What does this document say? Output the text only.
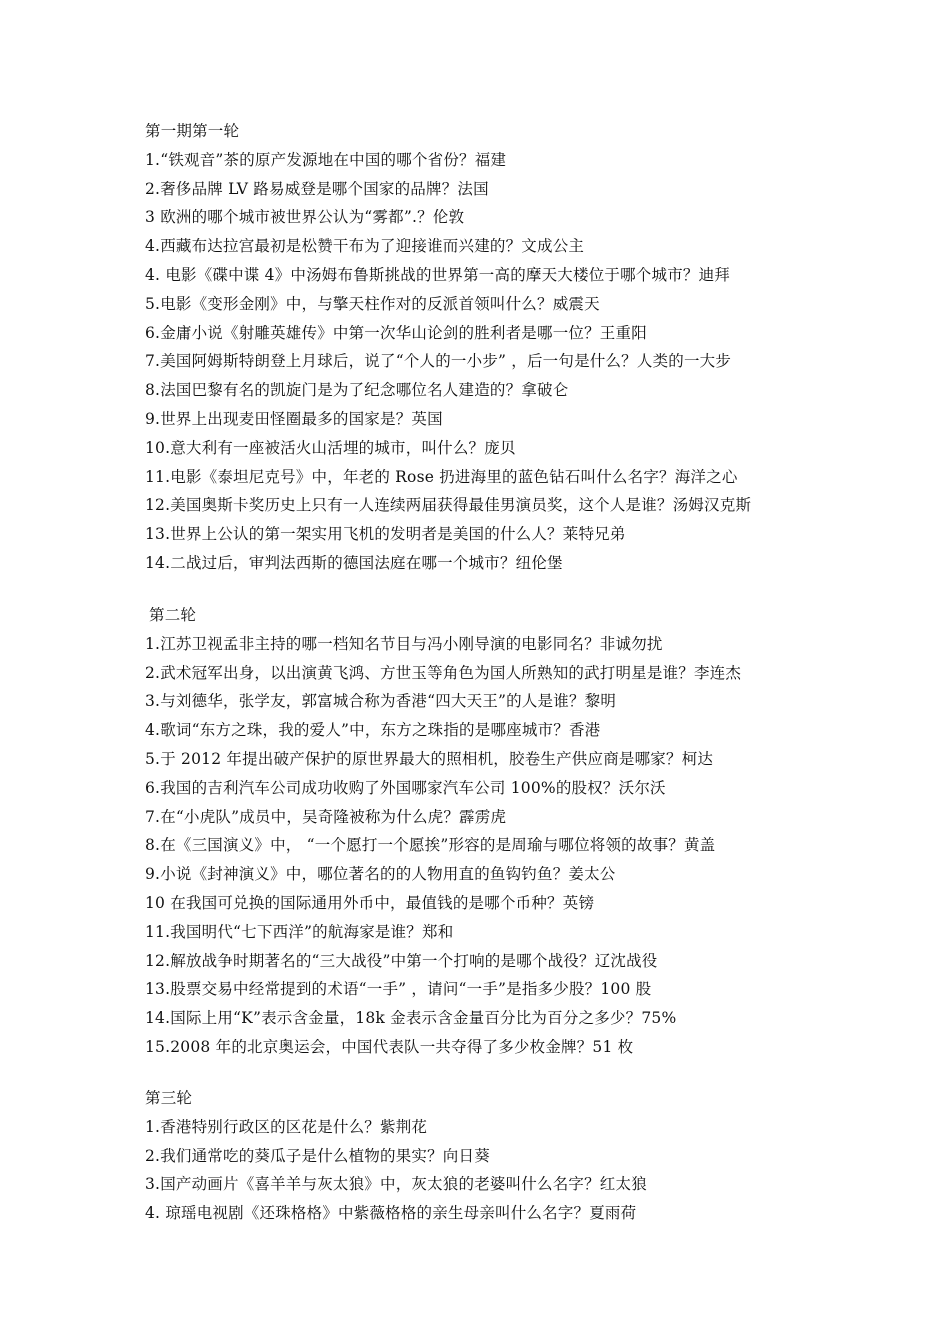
第一期第一轮
1.“铁观音”茶的原产发源地在中国的哪个省份？福建
2.奢侈品牌 LV 路易威登是哪个国家的品牌？法国
3 欧洲的哪个城市被世界公认为“雾都”.？伦敦
4.西藏布达拉宫最初是松赞干布为了迎接谁而兴建的？文成公主
4. 电影《碟中谍 4》中汤姆布鲁斯挑战的世界第一高的摩天大楼位于哪个城市？迪拜
5.电影《变形金刚》中，与擎天柱作对的反派首领叫什么？威震天
6.金庸小说《射雕英雄传》中第一次华山论剑的胜利者是哪一位？王重阳
7.美国阿姆斯特朗登上月球后，说了“个人的一小步” ，后一句是什么？人类的一大步
8.法国巴黎有名的凯旋门是为了纪念哪位名人建造的？拿破仑
9.世界上出现麦田怪圈最多的国家是？英国
10.意大利有一座被活火山活埋的城市，叫什么？庞贝
11.电影《泰坦尼克号》中，年老的 Rose 扔进海里的蓝色钻石叫什么名字？海洋之心
12.美国奥斯卡奖历史上只有一人连续两届获得最佳男演员奖，这个人是谁？汤姆汉克斯
13.世界上公认的第一架实用飞机的发明者是美国的什么人？莱特兄弟
14.二战过后，审判法西斯的德国法庭在哪一个城市？纽伦堡
第二轮
1.江苏卫视孟非主持的哪一档知名节目与冯小刚导演的电影同名？非诚勿扰
2.武术冠军出身，以出演黄飞鸿、方世玉等角色为国人所熟知的武打明星是谁？李连杰
3.与刘德华，张学友，郭富城合称为香港“四大天王”的人是谁？黎明
4.歌词“东方之珠，我的爱人”中，东方之珠指的是哪座城市？香港
5.于 2012 年提出破产保护的原世界最大的照相机，胶卷生产供应商是哪家？柯达
6.我国的吉利汽车公司成功收购了外国哪家汽车公司 100%的股权？沃尔沃
7.在“小虎队”成员中，吴奇隆被称为什么虎？霹雳虎
8.在《三国演义》中， “一个愿打一个愿挨”形容的是周瑜与哪位将领的故事？黄盖
9.小说《封神演义》中，哪位著名的的人物用直的鱼钩钓鱼？姜太公
10 在我国可兑换的国际通用外币中，最值钱的是哪个币种？英镑
11.我国明代“七下西洋”的航海家是谁？郑和
12.解放战争时期著名的“三大战役”中第一个打响的是哪个战役？辽沈战役
13.股票交易中经常提到的术语“一手” ，请问“一手”是指多少股？100 股
14.国际上用“K”表示含金量，18k 金表示含金量百分比为百分之多少？75%
15.2008 年的北京奥运会，中国代表队一共夺得了多少枚金牌？51 枚
第三轮
1.香港特别行政区的区花是什么？紫荆花
2.我们通常吃的葵瓜子是什么植物的果实？向日葵
3.国产动画片《喜羊羊与灰太狼》中，灰太狼的老婆叫什么名字？红太狼
4. 琼瑶电视剧《还珠格格》中紫薇格格的亲生母亲叫什么名字？夏雨荷
